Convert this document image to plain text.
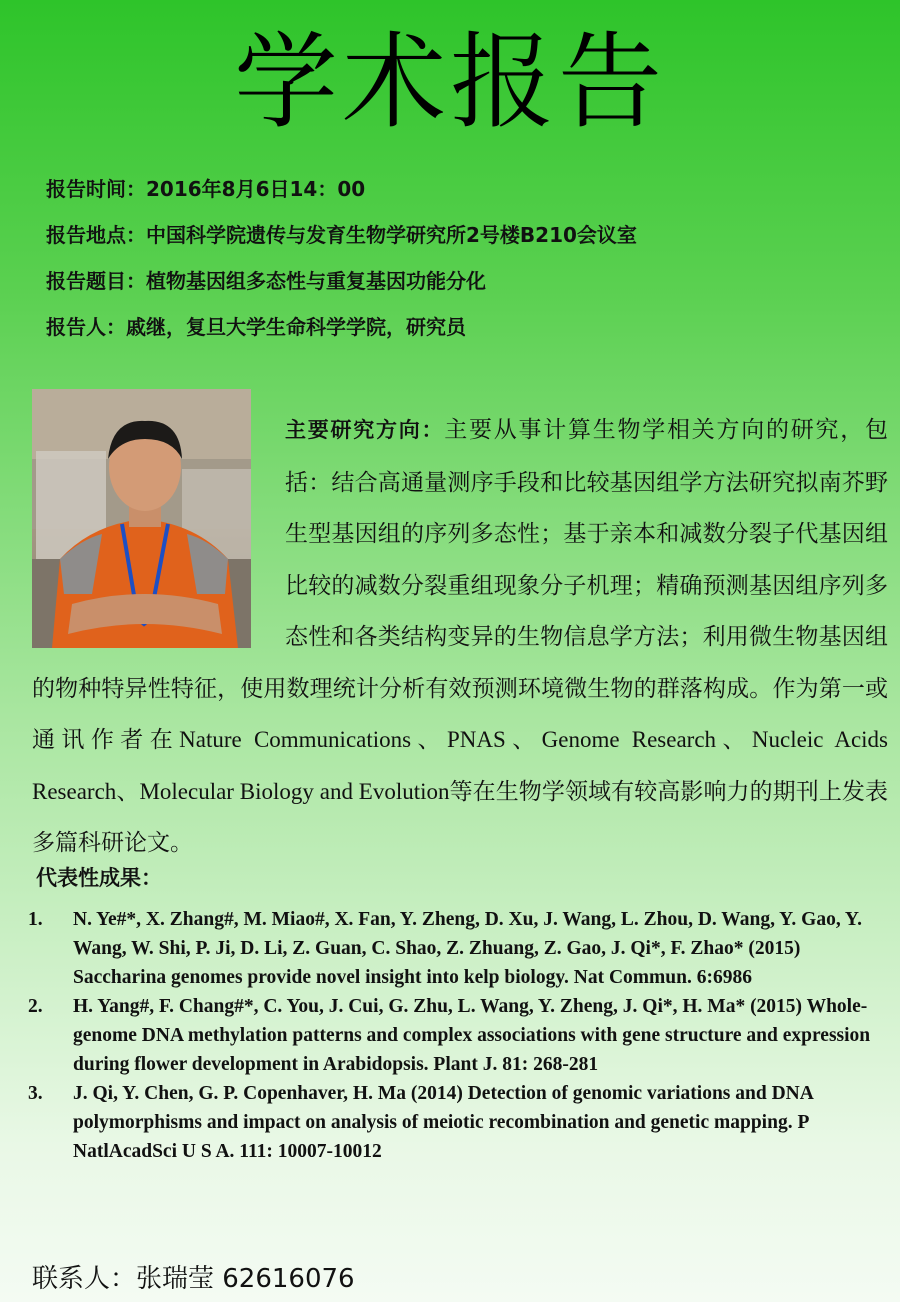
学术报告
报告时间：2016年8月6日14：00
报告地点：中国科学院遗传与发育生物学研究所2号楼B210会议室
报告题目：植物基因组多态性与重复基因功能分化
报告人：戚继，复旦大学生命科学学院，研究员
主要研究方向：主要从事计算生物学相关方向的研究，包括：结合高通量测序手段和比较基因组学方法研究拟南芥野生型基因组的序列多态性；基于亲本和减数分裂子代基因组比较的减数分裂重组现象分子机理；精确预测基因组序列多态性和各类结构变异的生物信息学方法；利用微生物基因组的物种特异性特征，使用数理统计分析有效预测环境微生物的群落构成。作为第一或通讯作者在Nature Communications、PNAS、Genome Research、Nucleic Acids Research、Molecular Biology and Evolution等在生物学领域有较高影响力的期刊上发表多篇科研论文。
代表性成果：
1. N. Ye#*, X. Zhang#, M. Miao#, X. Fan, Y. Zheng, D. Xu, J. Wang, L. Zhou, D. Wang, Y. Gao, Y. Wang, W. Shi, P. Ji, D. Li, Z. Guan, C. Shao, Z. Zhuang, Z. Gao, J. Qi*, F. Zhao* (2015) Saccharina genomes provide novel insight into kelp biology. Nat Commun. 6:6986
2. H. Yang#, F. Chang#*, C. You, J. Cui, G. Zhu, L. Wang, Y. Zheng, J. Qi*, H. Ma* (2015) Whole-genome DNA methylation patterns and complex associations with gene structure and expression during flower development in Arabidopsis. Plant J. 81: 268-281
3. J. Qi, Y. Chen, G. P. Copenhaver, H. Ma (2014) Detection of genomic variations and DNA polymorphisms and impact on analysis of meiotic recombination and genetic mapping. P NatlAcadSci U S A. 111: 10007-10012
联系人：张瑞莹 62616076
